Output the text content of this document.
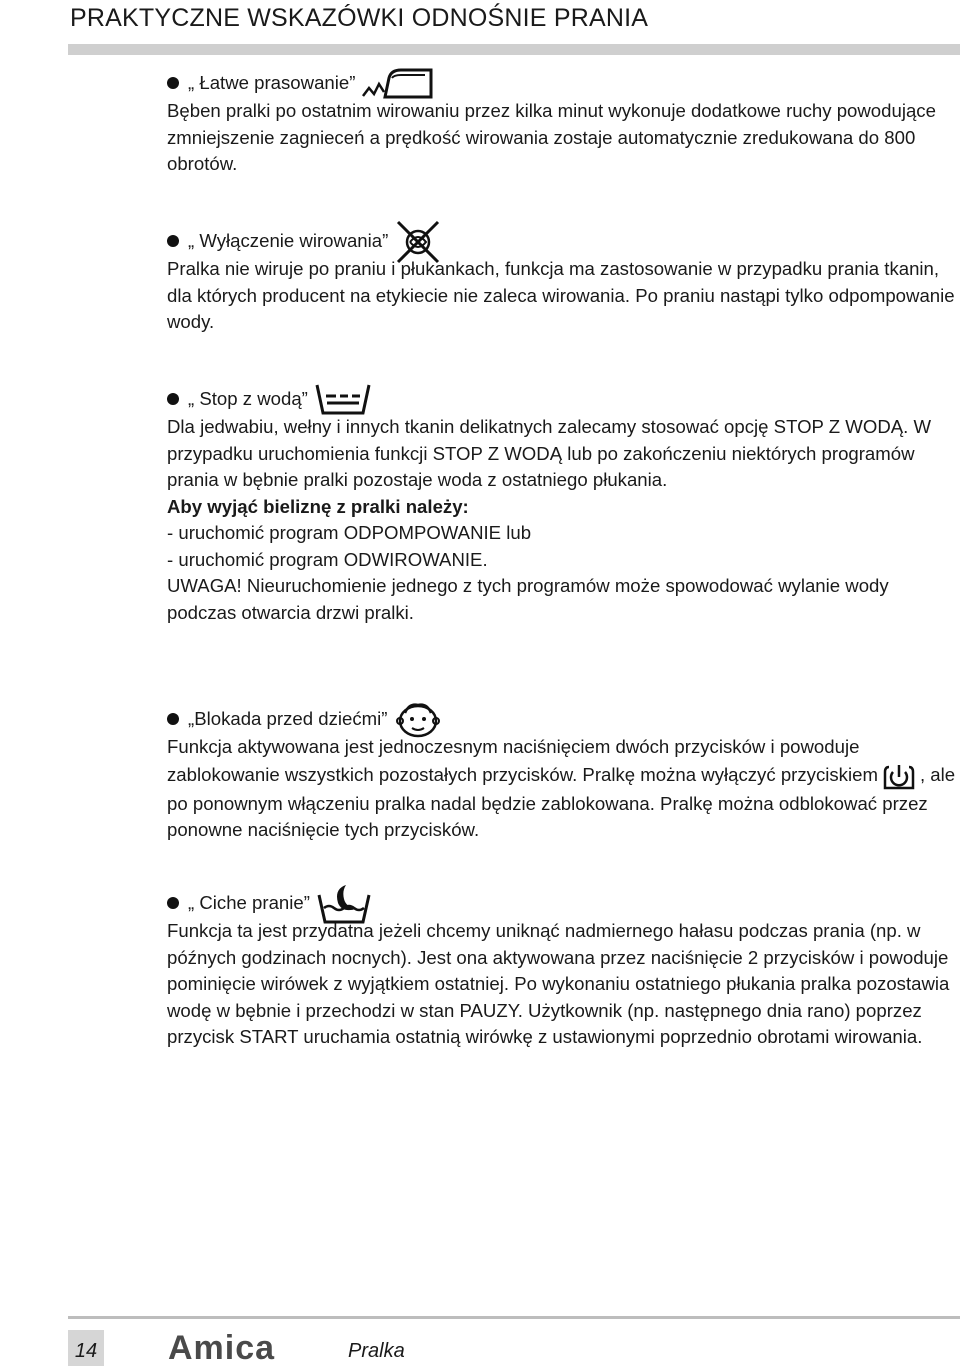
PRAKTYCZNE WSKAZÓWKI ODNOŚNIE PRANIA
„ Łatwe prasowanie”

Bęben pralki po ostatnim wirowaniu przez kilka minut wykonuje dodatkowe ruchy powodujące zmniejszenie zagnieceń a prędkość wirowania zostaje automatycznie zredukowana do 800 obrotów.

„ Wyłączenie wirowania”

Pralka nie wiruje po praniu i płukankach, funkcja ma zastosowanie w przypadku prania tkanin, dla których producent na etykiecie nie zaleca wirowania. Po praniu nastąpi tylko odpompowanie wody.

„ Stop z wodą”

Dla jedwabiu, wełny i innych tkanin delikatnych zalecamy stosować opcję STOP Z WODĄ. W przypadku uruchomienia funkcji STOP Z WODĄ lub po zakończeniu niektórych programów prania w bębnie pralki pozostaje woda z ostatniego płukania.

Aby wyjąć bieliznę z pralki należy:

- uruchomić program ODPOMPOWANIE lub

- uruchomić program ODWIROWANIE.

UWAGA! Nieuruchomienie jednego z tych programów może spowodować wylanie wody podczas otwarcia drzwi pralki.

„Blokada przed dziećmi”

Funkcja aktywowana jest jednoczesnym naciśnięciem dwóch przycisków i powoduje zablokowanie wszystkich pozostałych przycisków. Pralkę można wyłączyć przyciskiem , ale po ponownym włączeniu pralka nadal będzie zablokowana. Pralkę można odblokować przez ponowne naciśnięcie tych przycisków.

„ Ciche pranie”

Funkcja ta jest przydatna jeżeli chcemy uniknąć nadmiernego hałasu podczas prania (np. w późnych godzinach nocnych). Jest ona aktywowana przez naciśnięcie 2 przycisków i powoduje pominięcie wirówek z wyjątkiem ostatniej. Po wykonaniu ostatniego płukania pralka pozostawia wodę w bębnie i przechodzi w stan PAUZY. Użytkownik (np. następnego dnia rano) poprzez przycisk START uruchamia ostatnią wirówkę z ustawionymi poprzednio obrotami wirowania.

14 Amica	Pralka
